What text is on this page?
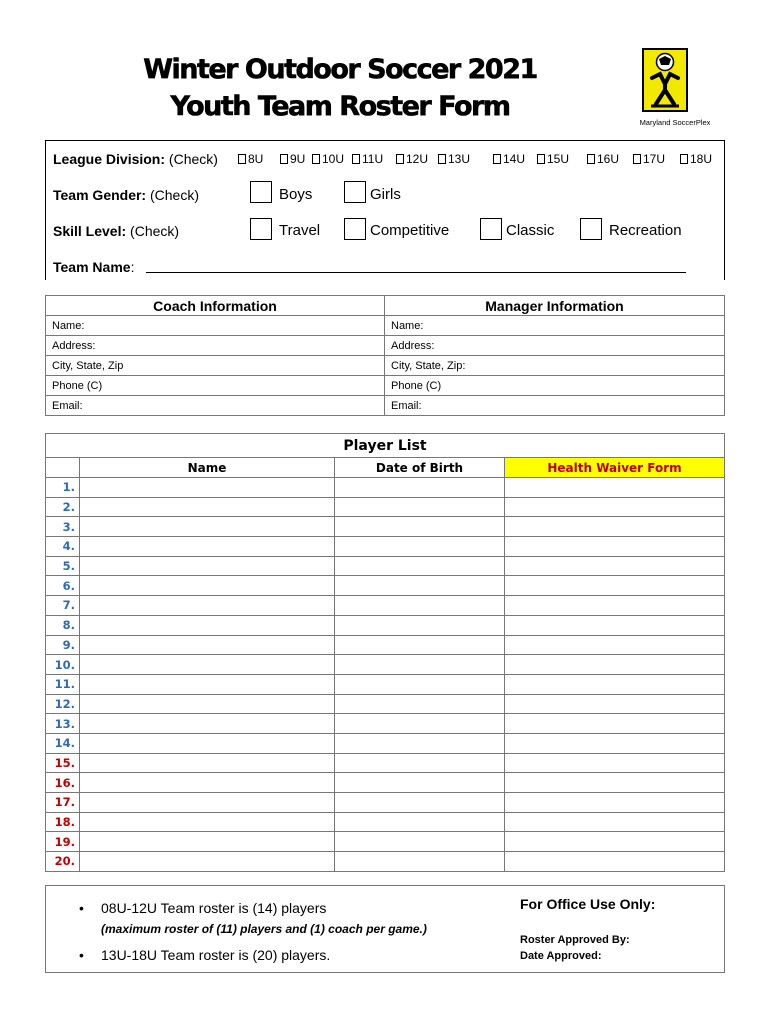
Winter Outdoor Soccer 2021
Youth Team Roster Form
Maryland SoccerPlex
League Division: (Check)	8U	9U	10U	11U	12U	13U	14U	15U	16U	17U	18U
Team Gender: (Check)	Boys	Girls
Skill Level: (Check)	Travel	Competitive	Classic	Recreation
Team Name:
Coach Information	Manager Information
Name:	Name:
Address:	Address:
City, State, Zip	City, State, Zip:
Phone (C)	Phone (C)
Email:	Email:
Player List			
	Name	Date of Birth	Health Waiver Form
1.			
2.			
3.			
4.			
5.			
6.			
7.			
8.			
9.			
10.			
11.			
12.			
13.			
14.			
15.			
16.			
17.			
18.			
19.			
20.			
• 08U-12U Team roster is (14) players
(maximum roster of (11) players and (1) coach per game.)
• 13U-18U Team roster is (20) players.
For Office Use Only:
Roster Approved By:
Date Approved:
